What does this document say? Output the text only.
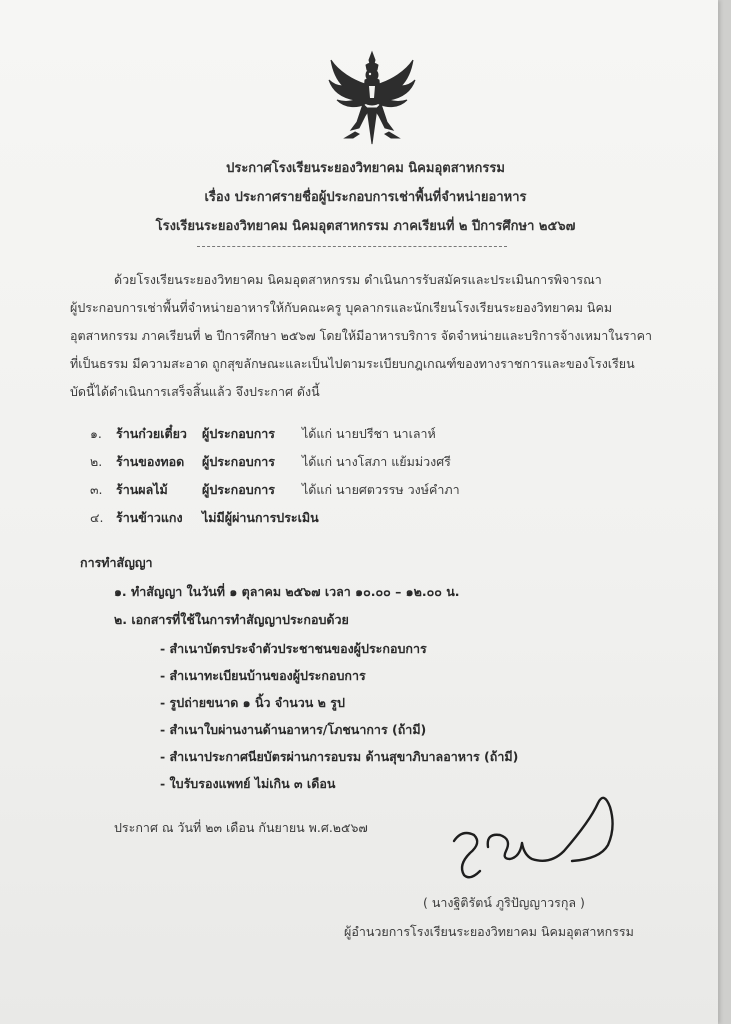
ประกาศโรงเรียนระยองวิทยาคม นิคมอุตสาหกรรม
เรื่อง ประกาศรายชื่อผู้ประกอบการเช่าพื้นที่จำหน่ายอาหาร
โรงเรียนระยองวิทยาคม นิคมอุตสาหกรรม ภาคเรียนที่ ๒ ปีการศึกษา ๒๕๖๗
ด้วยโรงเรียนระยองวิทยาคม นิคมอุตสาหกรรม ดำเนินการรับสมัครและประเมินการพิจารณา
ผู้ประกอบการเช่าพื้นที่จำหน่ายอาหารให้กับคณะครู บุคลากรและนักเรียนโรงเรียนระยองวิทยาคม นิคม
อุตสาหกรรม ภาคเรียนที่ ๒ ปีการศึกษา ๒๕๖๗ โดยให้มีอาหารบริการ จัดจำหน่ายและบริการจ้างเหมาในราคา
ที่เป็นธรรม มีความสะอาด ถูกสุขลักษณะและเป็นไปตามระเบียบกฎเกณฑ์ของทางราชการและของโรงเรียน
บัดนี้ได้ดำเนินการเสร็จสิ้นแล้ว จึงประกาศ ดังนี้
๑. ร้านก๋วยเตี๋ยว ผู้ประกอบการ ได้แก่ นายปรีชา นาเลาห์
๒. ร้านของทอด ผู้ประกอบการ ได้แก่ นางโสภา แย้มม่วงศรี
๓. ร้านผลไม้	ผู้ประกอบการ ได้แก่ นายศตวรรษ วงษ์คำภา
๔. ร้านข้าวแกง ไม่มีผู้ผ่านการประเมิน
การทำสัญญา
๑. ทำสัญญา ในวันที่ ๑ ตุลาคม ๒๕๖๗ เวลา ๑๐.๐๐ – ๑๒.๐๐ น.
๒. เอกสารที่ใช้ในการทำสัญญาประกอบด้วย
- สำเนาบัตรประจำตัวประชาชนของผู้ประกอบการ
- สำเนาทะเบียนบ้านของผู้ประกอบการ
- รูปถ่ายขนาด ๑ นิ้ว จำนวน ๒ รูป
- สำเนาใบผ่านงานด้านอาหาร/โภชนาการ (ถ้ามี)
- สำเนาประกาศนียบัตรผ่านการอบรม ด้านสุขาภิบาลอาหาร (ถ้ามี)
- ใบรับรองแพทย์ ไม่เกิน ๓ เดือน
ประกาศ ณ วันที่ ๒๓ เดือน กันยายน พ.ศ.๒๕๖๗
( นางฐิติรัตน์ ภูริปัญญาวรกุล )
ผู้อำนวยการโรงเรียนระยองวิทยาคม นิคมอุตสาหกรรม
